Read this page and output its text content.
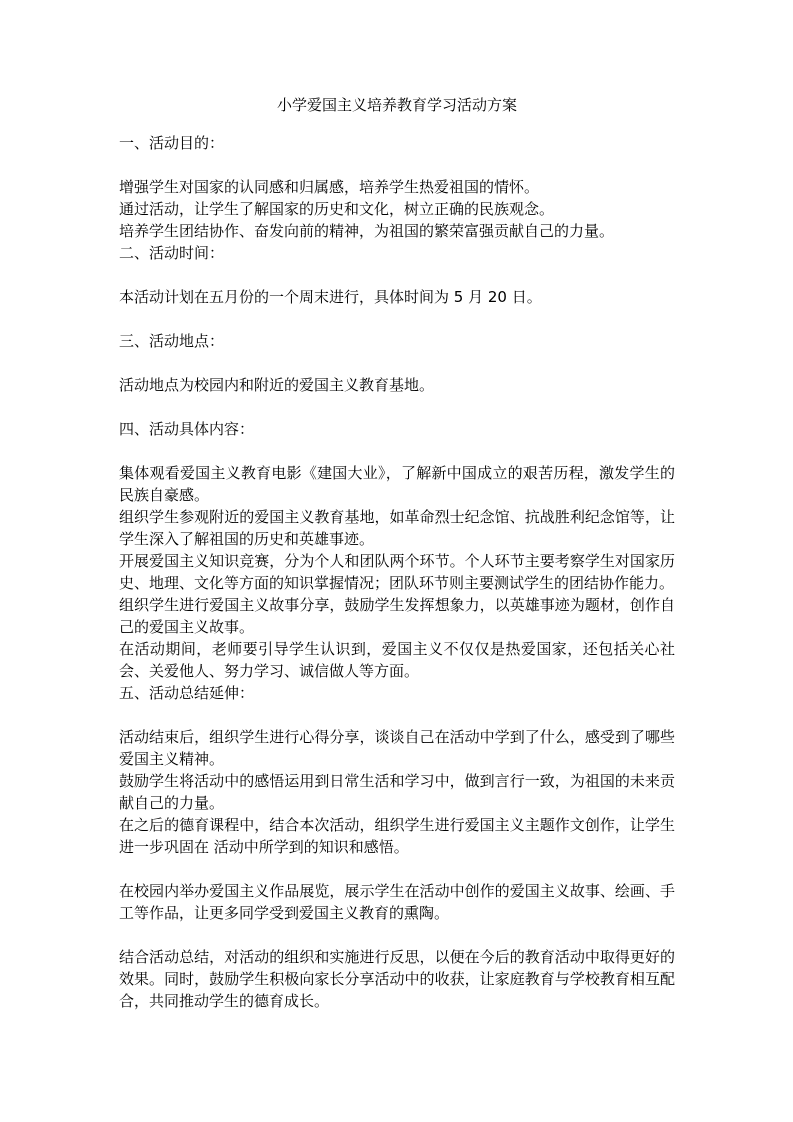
小学爱国主义培养教育学习活动方案

一、活动目的：

增强学生对国家的认同感和归属感，培养学生热爱祖国的情怀。

通过活动，让学生了解国家的历史和文化，树立正确的民族观念。

培养学生团结协作、奋发向前的精神，为祖国的繁荣富强贡献自己的力量。

二、活动时间：

本活动计划在五月份的一个周末进行，具体时间为 5 月 20 日。

三、活动地点：

活动地点为校园内和附近的爱国主义教育基地。

四、活动具体内容：

集体观看爱国主义教育电影《建国大业》，了解新中国成立的艰苦历程，激发学生的民族自豪感。

组织学生参观附近的爱国主义教育基地，如革命烈士纪念馆、抗战胜利纪念馆等，让学生深入了解祖国的历史和英雄事迹。

开展爱国主义知识竞赛，分为个人和团队两个环节。个人环节主要考察学生对国家历史、地理、文化等方面的知识掌握情况；团队环节则主要测试学生的团结协作能力。

组织学生进行爱国主义故事分享，鼓励学生发挥想象力，以英雄事迹为题材，创作自己的爱国主义故事。

在活动期间，老师要引导学生认识到，爱国主义不仅仅是热爱国家，还包括关心社会、关爱他人、努力学习、诚信做人等方面。

五、活动总结延伸：

活动结束后，组织学生进行心得分享，谈谈自己在活动中学到了什么，感受到了哪些爱国主义精神。

鼓励学生将活动中的感悟运用到日常生活和学习中，做到言行一致，为祖国的未来贡献自己的力量。

在之后的德育课程中，结合本次活动，组织学生进行爱国主义主题作文创作，让学生进一步巩固在 活动中所学到的知识和感悟。

在校园内举办爱国主义作品展览，展示学生在活动中创作的爱国主义故事、绘画、手工等作品，让更多同学受到爱国主义教育的熏陶。

结合活动总结，对活动的组织和实施进行反思，以便在今后的教育活动中取得更好的效果。同时，鼓励学生积极向家长分享活动中的收获，让家庭教育与学校教育相互配合，共同推动学生的德育成长。
